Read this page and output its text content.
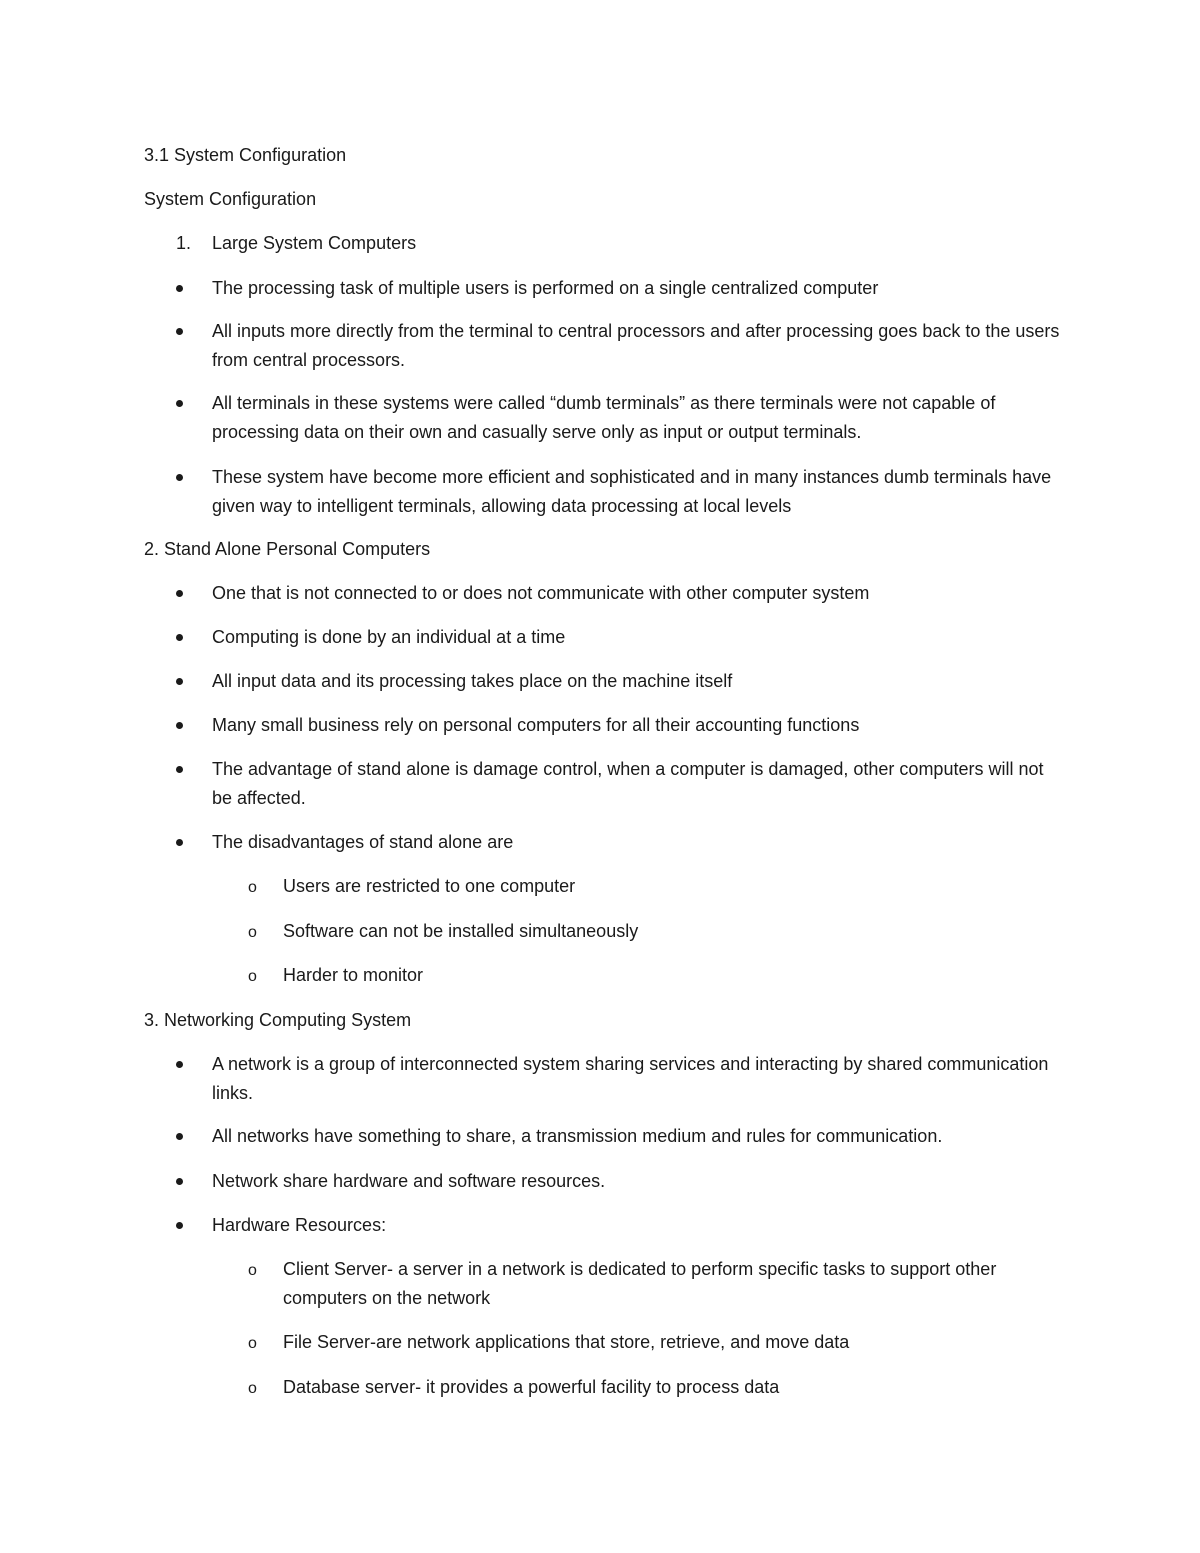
3.1 System Configuration
System Configuration
1. Large System Computers
The processing task of multiple users is performed on a single centralized computer
All inputs more directly from the terminal to central processors and after processing goes back to the users from central processors.
All terminals in these systems were called “dumb terminals” as there terminals were not capable of processing data on their own and casually serve only as input or output terminals.
These system have become more efficient and sophisticated and in many instances dumb terminals have given way to intelligent terminals, allowing data processing at local levels
2. Stand Alone Personal Computers
One that is not connected to or does not communicate with other computer system
Computing is done by an individual at a time
All input data and its processing takes place on the machine itself
Many small business rely on personal computers for all their accounting functions
The advantage of stand alone is damage control, when a computer is damaged, other computers will not be affected.
The disadvantages of stand alone are
o Users are restricted to one computer
o Software can not be installed simultaneously
o Harder to monitor
3. Networking Computing System
A network is a group of interconnected system sharing services and interacting by shared communication links.
All networks have something to share, a transmission medium and rules for communication.
Network share hardware and software resources.
Hardware Resources:
o Client Server- a server in a network is dedicated to perform specific tasks to support other computers on the network
o File Server-are network applications that store, retrieve, and move data
o Database server- it provides a powerful facility to process data
